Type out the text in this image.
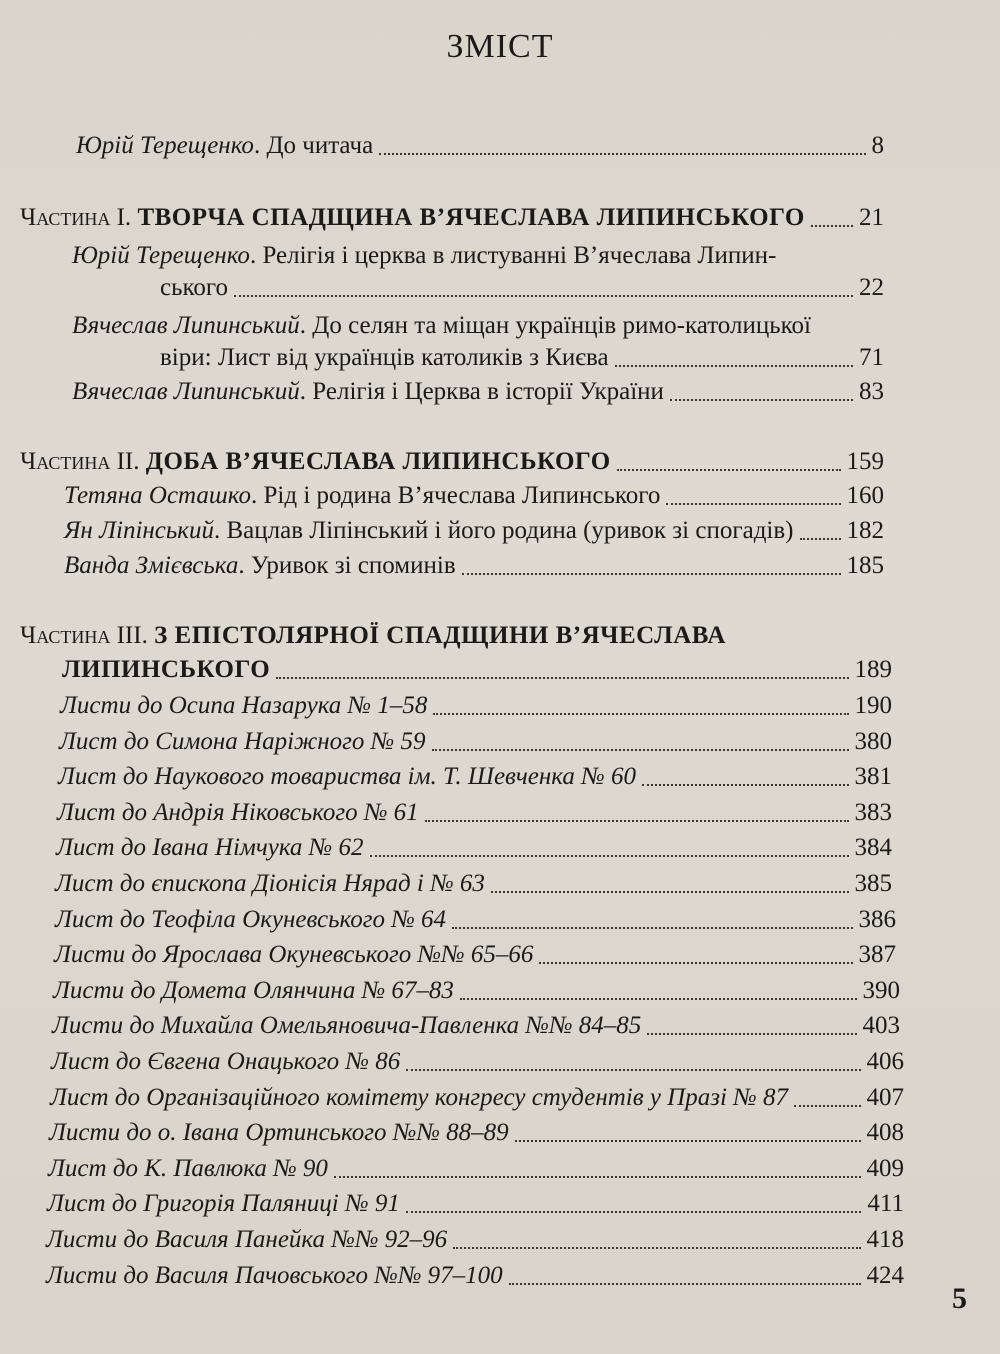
ЗМІСТ
Юрій Терещенко. До читача	8
Частина I. ТВОРЧА СПАДЩИНА В’ЯЧЕСЛАВА ЛИПИНСЬКОГО 21
Юрій Терещенко. Релігія і церква в листуванні В’ячеслава Липин-
ського	22
Вячеслав Липинський. До селян та міщан українців римо-католицької
віри: Лист від українців католиків з Києва	71
Вячеслав Липинський. Релігія і Церква в історії України	83
Частина II. ДОБА В’ЯЧЕСЛАВА ЛИПИНСЬКОГО	159
Тетяна Осташко. Рід і родина В’ячеслава Липинського	160
Ян Ліпінський. Вацлав Ліпінський і його родина (уривок зі спогадів) 182
Ванда Змієвська. Уривок зі споминів	185
Частина III. З ЕПІСТОЛЯРНОЇ СПАДЩИНИ В’ЯЧЕСЛАВА
ЛИПИНСЬКОГО	189
Листи до Осипа Назарука № 1–58	190
Лист до Симона Наріжного № 59	380
Лист до Наукового товариства ім. Т. Шевченка № 60	381
Лист до Андрія Ніковського № 61	383
Лист до Івана Німчука № 62	384
Лист до єпископа Діонісія Нярад і № 63	385
Лист до Теофіла Окуневського № 64	386
Листи до Ярослава Окуневського №№ 65–66	387
Листи до Домета Олянчина № 67–83	390
Листи до Михайла Омельяновича-Павленка №№ 84–85	403
Лист до Євгена Онацького № 86	406
Лист до Організаційного комітету конгресу студентів у Празі № 87	407
Листи до о. Івана Ортинського №№ 88–89	408
Лист до К. Павлюка № 90	409
Лист до Григорія Паляниці № 91	411
Листи до Василя Панейка №№ 92–96	418
Листи до Василя Пачовського №№ 97–100	424
5
